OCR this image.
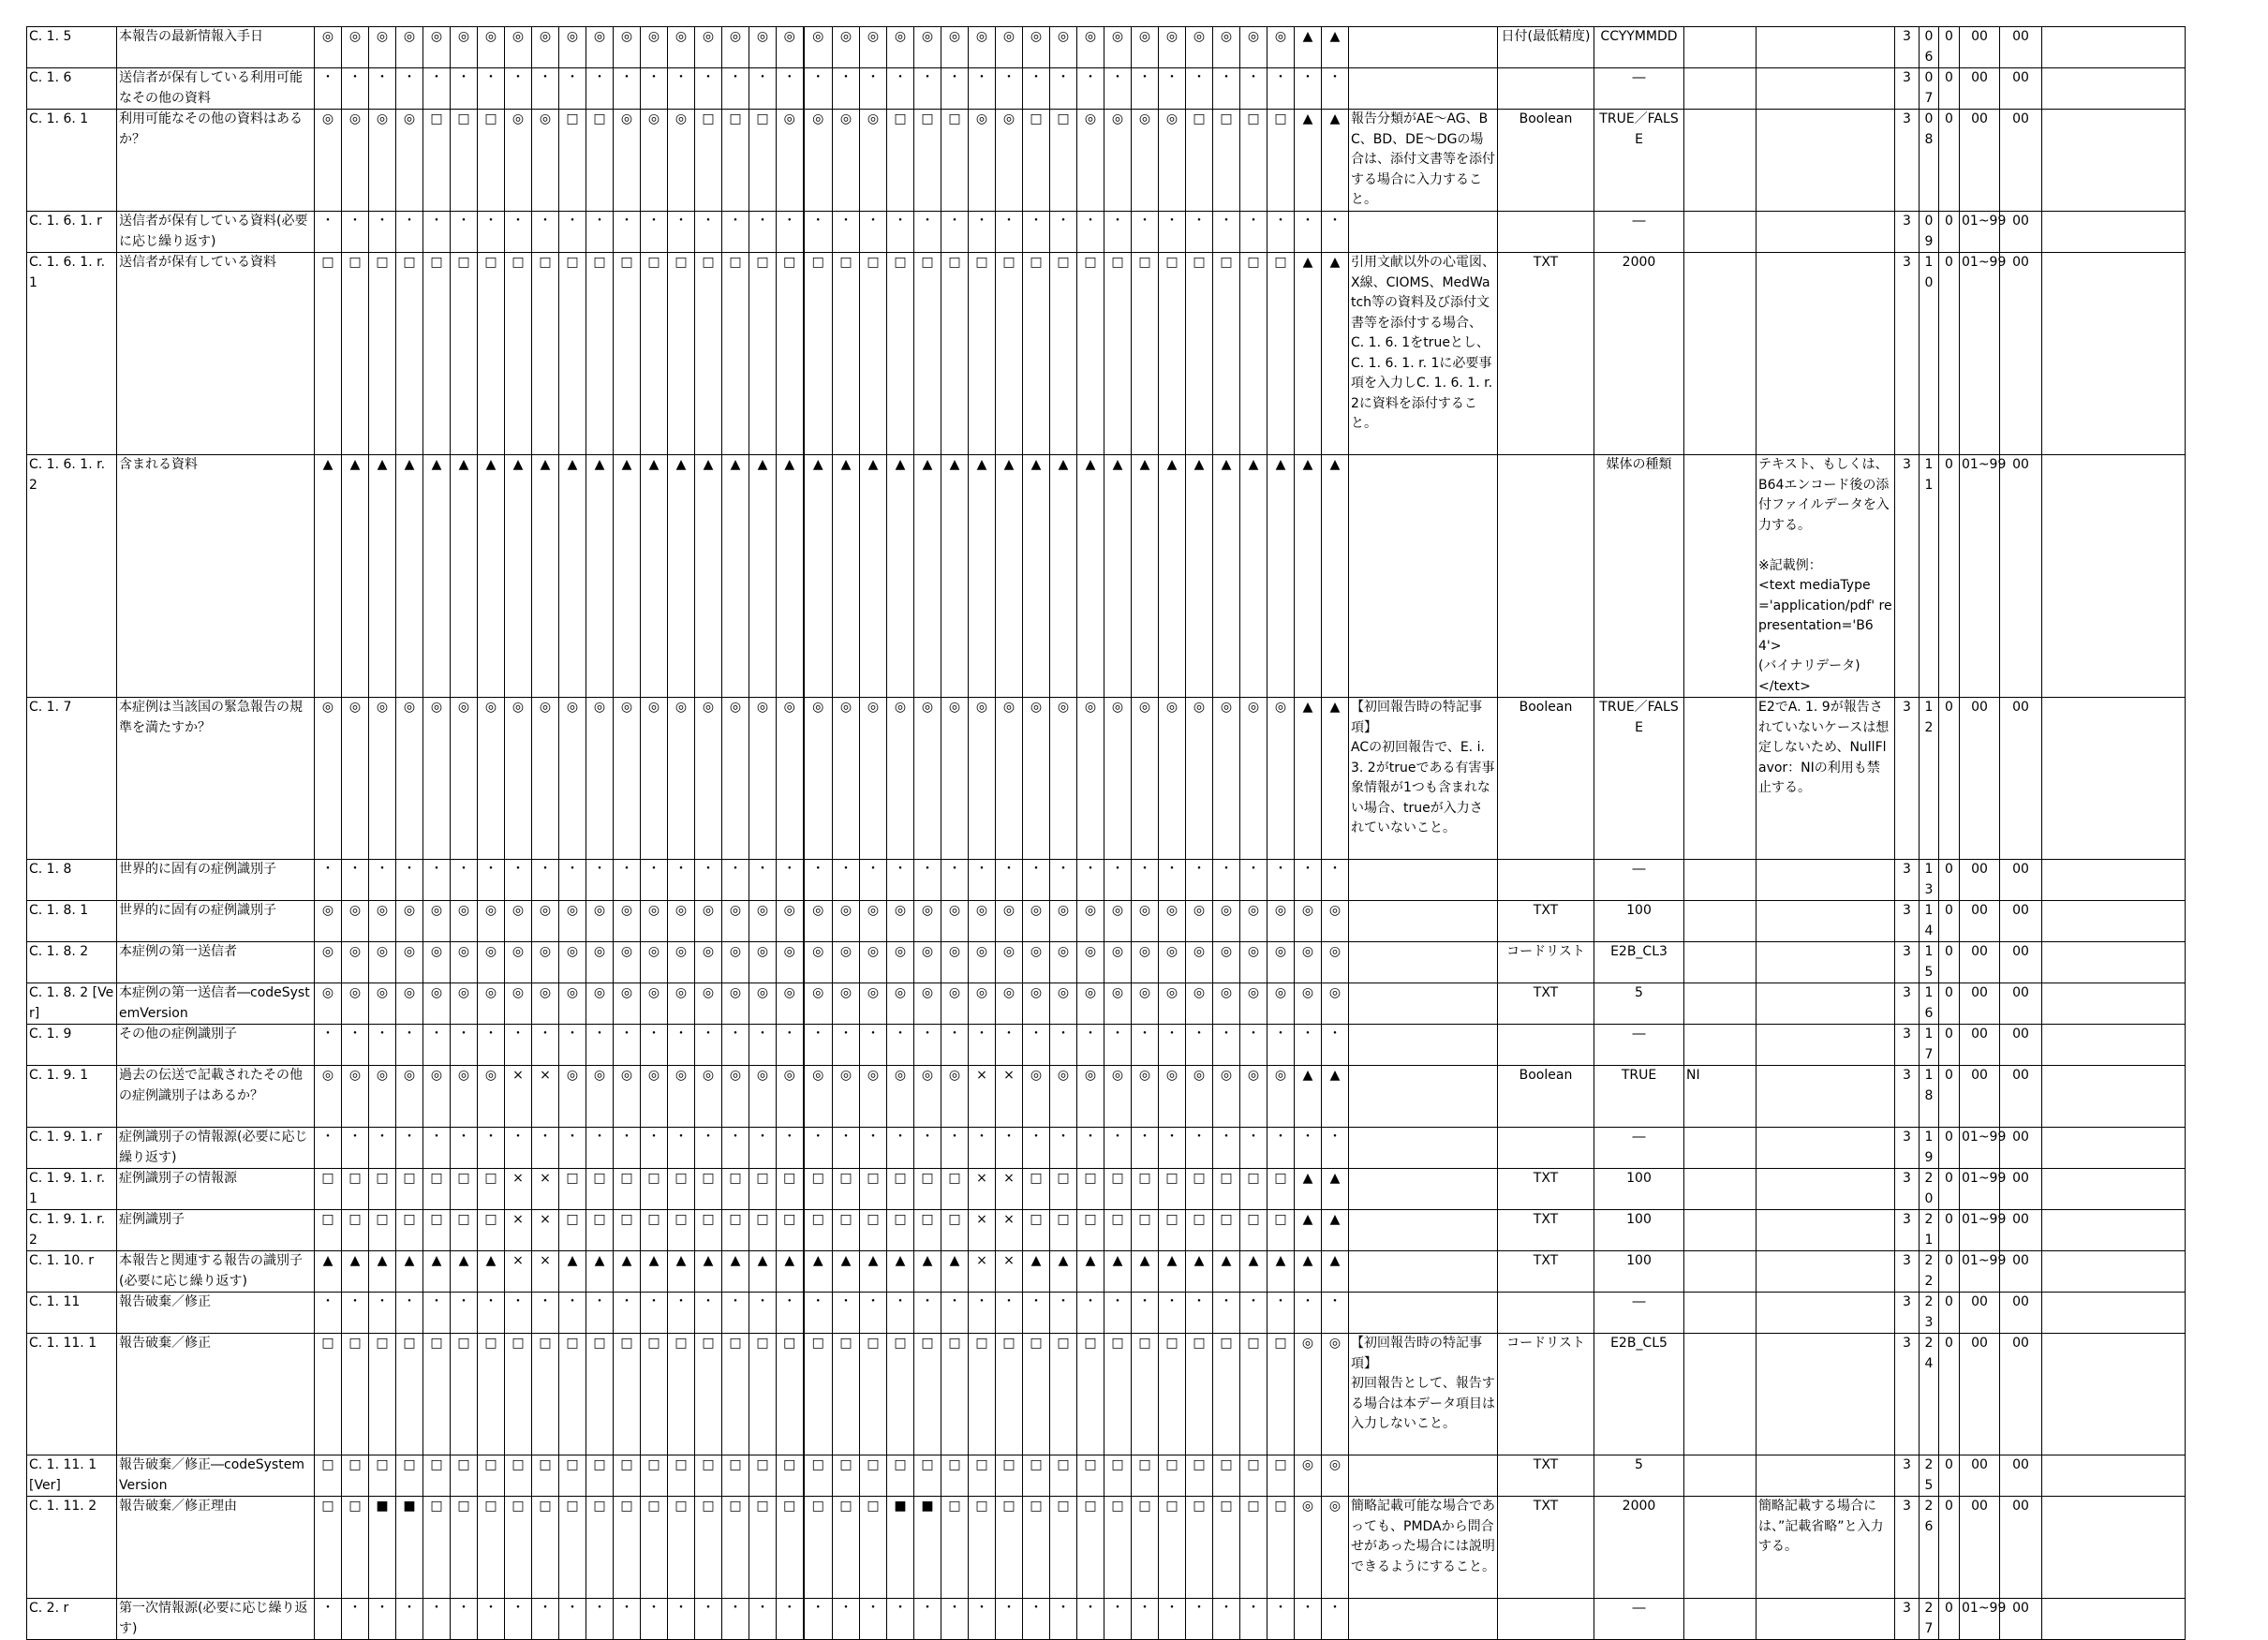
C. 1. 5	本報告の最新情報入手日	◎	◎	◎	◎	◎	◎	◎	◎	◎	◎	◎	◎	◎	◎	◎	◎	◎	◎	◎	◎	◎	◎	◎	◎	◎	◎	◎	◎	◎	◎	◎	◎	◎	◎	◎	◎	▲	▲		日付(最低精度)	CCYYMMDD			3	06	0	00	00	
C. 1. 6	送信者が保有している利用可能なその他の資料	・	・	・	・	・	・	・	・	・	・	・	・	・	・	・	・	・	・	・	・	・	・	・	・	・	・	・	・	・	・	・	・	・	・	・	・	・	・			―			3	07	0	00	00	
C. 1. 6. 1	利用可能なその他の資料はあるか？	◎	◎	◎	◎	□	□	□	◎	◎	□	□	◎	◎	◎	□	□	□	◎	◎	◎	◎	□	□	□	◎	◎	□	□	◎	◎	◎	◎	□	□	□	□	▲	▲	報告分類がAE～AG、BC、BD、DE～DGの場合は、添付文書等を添付する場合に入力すること。	Boolean	TRUE／FALSE			3	08	0	00	00	
C. 1. 6. 1. r	送信者が保有している資料(必要に応じ繰り返す)	・	・	・	・	・	・	・	・	・	・	・	・	・	・	・	・	・	・	・	・	・	・	・	・	・	・	・	・	・	・	・	・	・	・	・	・	・	・			―			3	09	0	01~99	00	
C. 1. 6. 1. r. 1	送信者が保有している資料	□	□	□	□	□	□	□	□	□	□	□	□	□	□	□	□	□	□	□	□	□	□	□	□	□	□	□	□	□	□	□	□	□	□	□	□	▲	▲	引用文献以外の心電図、X線、CIOMS、MedWatch等の資料及び添付文書等を添付する場合、C. 1. 6. 1をtrueとし、C. 1. 6. 1. r. 1に必要事項を入力しC. 1. 6. 1. r. 2に資料を添付すること。	TXT	2000			3	10	0	01~99	00	
C. 1. 6. 1. r. 2	含まれる資料	▲	▲	▲	▲	▲	▲	▲	▲	▲	▲	▲	▲	▲	▲	▲	▲	▲	▲	▲	▲	▲	▲	▲	▲	▲	▲	▲	▲	▲	▲	▲	▲	▲	▲	▲	▲	▲	▲			媒体の種類		テキスト、もしくは、B64エンコード後の添付ファイルデータを入力する。

※記載例：
<text mediaType='application/pdf' representation='B64'>
(バイナリデータ)
</text>	3	11	0	01~99	00	
C. 1. 7	本症例は当該国の緊急報告の規準を満たすか？	◎	◎	◎	◎	◎	◎	◎	◎	◎	◎	◎	◎	◎	◎	◎	◎	◎	◎	◎	◎	◎	◎	◎	◎	◎	◎	◎	◎	◎	◎	◎	◎	◎	◎	◎	◎	▲	▲	【初回報告時の特記事項】
ACの初回報告で、E. i. 3. 2がtrueである有害事象情報が1つも含まれない場合、trueが入力されていないこと。	Boolean	TRUE／FALSE		E2でA. 1. 9が報告されていないケースは想定しないため、NullFlavor：NIの利用も禁止する。	3	12	0	00	00	
C. 1. 8	世界的に固有の症例識別子	・	・	・	・	・	・	・	・	・	・	・	・	・	・	・	・	・	・	・	・	・	・	・	・	・	・	・	・	・	・	・	・	・	・	・	・	・	・			―			3	13	0	00	00	
C. 1. 8. 1	世界的に固有の症例識別子	◎	◎	◎	◎	◎	◎	◎	◎	◎	◎	◎	◎	◎	◎	◎	◎	◎	◎	◎	◎	◎	◎	◎	◎	◎	◎	◎	◎	◎	◎	◎	◎	◎	◎	◎	◎	◎	◎		TXT	100			3	14	0	00	00	
C. 1. 8. 2	本症例の第一送信者	◎	◎	◎	◎	◎	◎	◎	◎	◎	◎	◎	◎	◎	◎	◎	◎	◎	◎	◎	◎	◎	◎	◎	◎	◎	◎	◎	◎	◎	◎	◎	◎	◎	◎	◎	◎	◎	◎		コードリスト	E2B_CL3			3	15	0	00	00	
C. 1. 8. 2 [Ver]	本症例の第一送信者―codeSystemVersion	◎	◎	◎	◎	◎	◎	◎	◎	◎	◎	◎	◎	◎	◎	◎	◎	◎	◎	◎	◎	◎	◎	◎	◎	◎	◎	◎	◎	◎	◎	◎	◎	◎	◎	◎	◎	◎	◎		TXT	5			3	16	0	00	00	
C. 1. 9	その他の症例識別子	・	・	・	・	・	・	・	・	・	・	・	・	・	・	・	・	・	・	・	・	・	・	・	・	・	・	・	・	・	・	・	・	・	・	・	・	・	・			―			3	17	0	00	00	
C. 1. 9. 1	過去の伝送で記載されたその他の症例識別子はあるか？	◎	◎	◎	◎	◎	◎	◎	×	×	◎	◎	◎	◎	◎	◎	◎	◎	◎	◎	◎	◎	◎	◎	◎	×	×	◎	◎	◎	◎	◎	◎	◎	◎	◎	◎	▲	▲		Boolean	TRUE	NI		3	18	0	00	00	
C. 1. 9. 1. r	症例識別子の情報源(必要に応じ繰り返す)	・	・	・	・	・	・	・	・	・	・	・	・	・	・	・	・	・	・	・	・	・	・	・	・	・	・	・	・	・	・	・	・	・	・	・	・	・	・			―			3	19	0	01~99	00	
C. 1. 9. 1. r. 1	症例識別子の情報源	□	□	□	□	□	□	□	×	×	□	□	□	□	□	□	□	□	□	□	□	□	□	□	□	×	×	□	□	□	□	□	□	□	□	□	□	▲	▲		TXT	100			3	20	0	01~99	00	
C. 1. 9. 1. r. 2	症例識別子	□	□	□	□	□	□	□	×	×	□	□	□	□	□	□	□	□	□	□	□	□	□	□	□	×	×	□	□	□	□	□	□	□	□	□	□	▲	▲		TXT	100			3	21	0	01~99	00	
C. 1. 10. r	本報告と関連する報告の識別子(必要に応じ繰り返す)	▲	▲	▲	▲	▲	▲	▲	×	×	▲	▲	▲	▲	▲	▲	▲	▲	▲	▲	▲	▲	▲	▲	▲	×	×	▲	▲	▲	▲	▲	▲	▲	▲	▲	▲	▲	▲		TXT	100			3	22	0	01~99	00	
C. 1. 11	報告破棄／修正	・	・	・	・	・	・	・	・	・	・	・	・	・	・	・	・	・	・	・	・	・	・	・	・	・	・	・	・	・	・	・	・	・	・	・	・	・	・			―			3	23	0	00	00	
C. 1. 11. 1	報告破棄／修正	□	□	□	□	□	□	□	□	□	□	□	□	□	□	□	□	□	□	□	□	□	□	□	□	□	□	□	□	□	□	□	□	□	□	□	□	◎	◎	【初回報告時の特記事項】
初回報告として、報告する場合は本データ項目は入力しないこと。	コードリスト	E2B_CL5			3	24	0	00	00	
C. 1. 11. 1 [Ver]	報告破棄／修正―codeSystemVersion	□	□	□	□	□	□	□	□	□	□	□	□	□	□	□	□	□	□	□	□	□	□	□	□	□	□	□	□	□	□	□	□	□	□	□	□	◎	◎		TXT	5			3	25	0	00	00	
C. 1. 11. 2	報告破棄／修正理由	□	□	■	■	□	□	□	□	□	□	□	□	□	□	□	□	□	□	□	□	□	■	■	□	□	□	□	□	□	□	□	□	□	□	□	□	◎	◎	簡略記載可能な場合であっても、PMDAから問合せがあった場合には説明できるようにすること。	TXT	2000		簡略記載する場合には、”記載省略”と入力する。	3	26	0	00	00	
C. 2. r	第一次情報源(必要に応じ繰り返す)	・	・	・	・	・	・	・	・	・	・	・	・	・	・	・	・	・	・	・	・	・	・	・	・	・	・	・	・	・	・	・	・	・	・	・	・	・	・			―			3	27	0	01~99	00	
